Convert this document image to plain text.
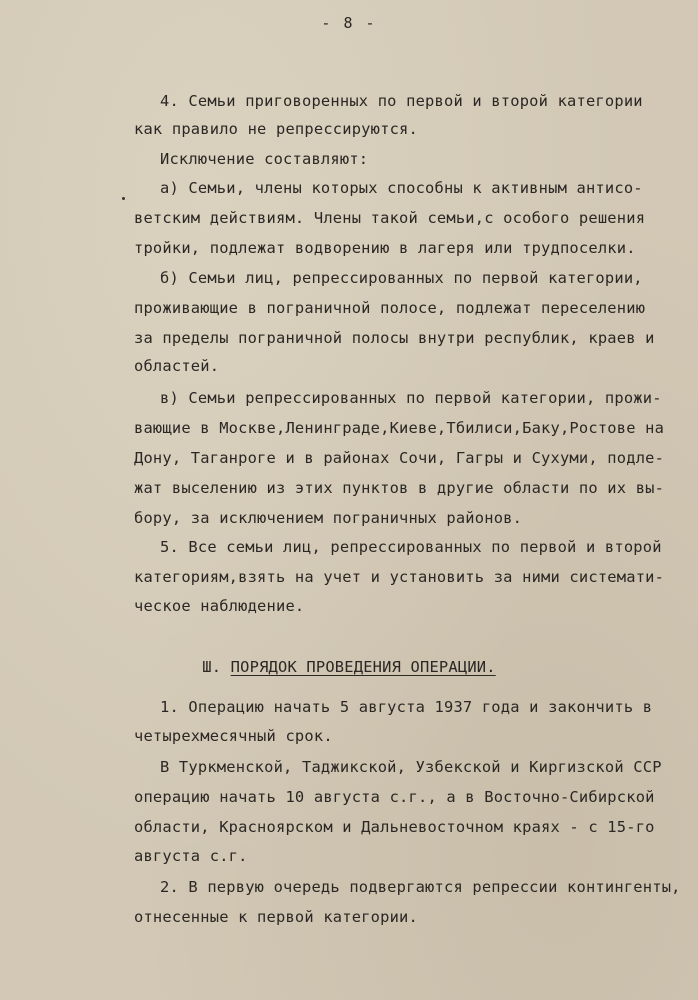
- 8 -
4. Семьи приговоренных по первой и второй категории
как правило не репрессируются.
Исключение составляют:
а) Семьи, члены которых способны к активным антисо-
ветским действиям. Члены такой семьи,с особого решения
тройки, подлежат водворению в лагеря или трудпоселки.
б) Семьи лиц, репрессированных по первой категории,
проживающие в пограничной полосе, подлежат переселению
за пределы пограничной полосы внутри республик, краев и
областей.
в) Семьи репрессированных по первой категории, прожи-
вающие в Москве,Ленинграде,Киеве,Тбилиси,Баку,Ростове на
Дону, Таганроге и в районах Сочи, Гагры и Сухуми, подле-
жат выселению из этих пунктов в другие области по их вы-
бору, за исключением пограничных районов.
5. Все семьи лиц, репрессированных по первой и второй
категориям,взять на учет и установить за ними системати-
ческое наблюдение.
Ш. ПОРЯДОК ПРОВЕДЕНИЯ ОПЕРАЦИИ.
1. Операцию начать 5 августа 1937 года и закончить в
четырехмесячный срок.
В Туркменской, Таджикской, Узбекской и Киргизской ССР
операцию начать 10 августа с.г., а в Восточно-Сибирской
области, Красноярском и Дальневосточном краях - с 15-го
августа с.г.
2. В первую очередь подвергаются репрессии контингенты,
отнесенные к первой категории.
